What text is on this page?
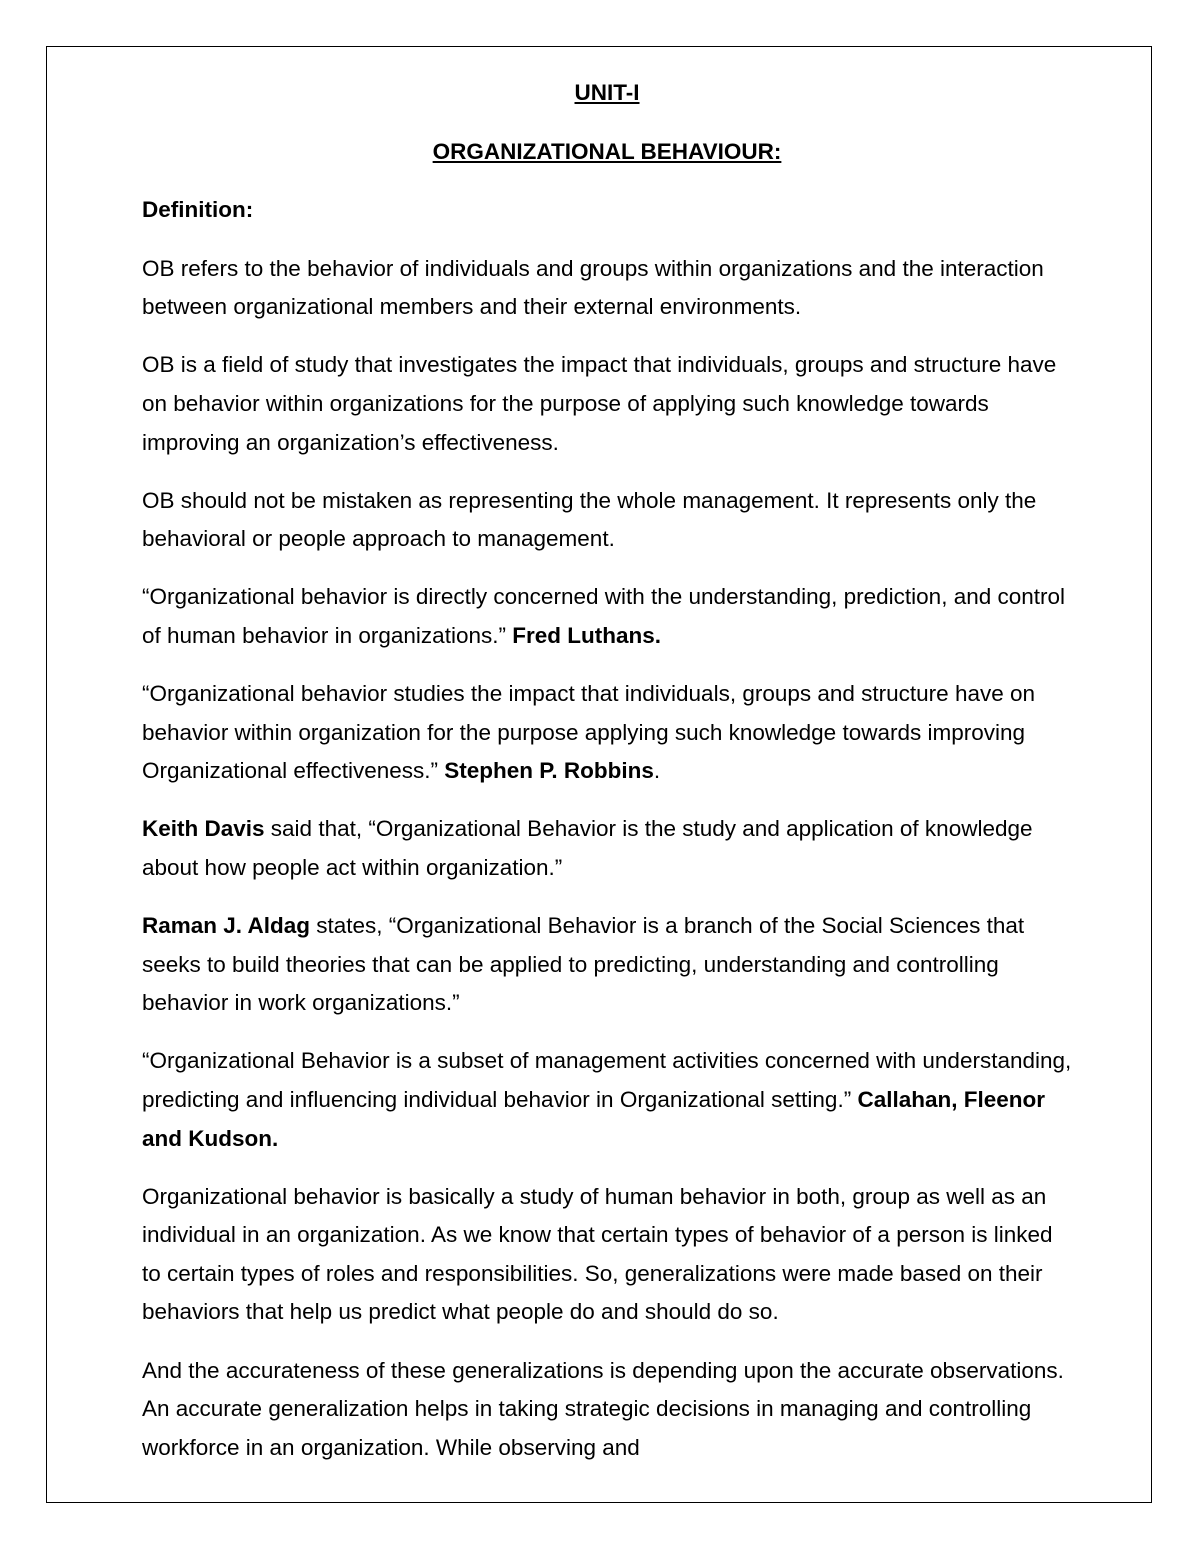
UNIT-I
ORGANIZATIONAL BEHAVIOUR:
Definition:

OB refers to the behavior of individuals and groups within organizations and the interaction between organizational members and their external environments.

OB is a field of study that investigates the impact that individuals, groups and structure have on behavior within organizations for the purpose of applying such knowledge towards improving an organization’s effectiveness.

OB should not be mistaken as representing the whole management. It represents only the behavioral or people approach to management.

“Organizational behavior is directly concerned with the understanding, prediction, and control of human behavior in organizations.” Fred Luthans.

“Organizational behavior studies the impact that individuals, groups and structure have on behavior within organization for the purpose applying such knowledge towards improving Organizational effectiveness.” Stephen P. Robbins.

Keith Davis said that, “Organizational Behavior is the study and application of knowledge about how people act within organization.”

Raman J. Aldag states, “Organizational Behavior is a branch of the Social Sciences that seeks to build theories that can be applied to predicting, understanding and controlling behavior in work organizations.”

“Organizational Behavior is a subset of management activities concerned with understanding, predicting and influencing individual behavior in Organizational setting.” Callahan, Fleenor and Kudson.

Organizational behavior is basically a study of human behavior in both, group as well as an individual in an organization. As we know that certain types of behavior of a person is linked to certain types of roles and responsibilities. So, generalizations were made based on their behaviors that help us predict what people do and should do so.

And the accurateness of these generalizations is depending upon the accurate observations. An accurate generalization helps in taking strategic decisions in managing and controlling workforce in an organization. While observing and
